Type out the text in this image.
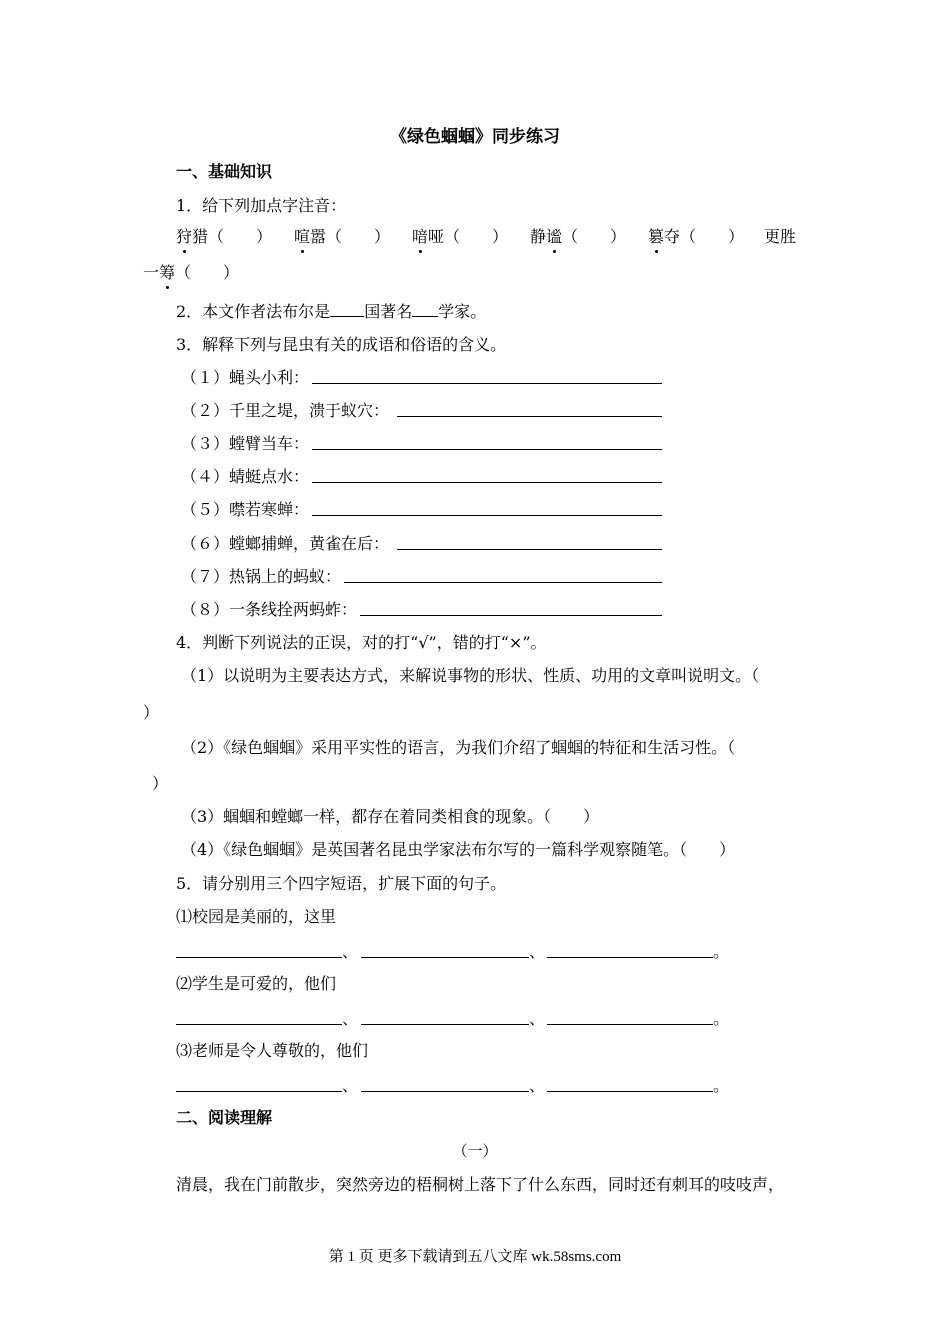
《绿色蝈蝈》同步练习
一、基础知识
1．给下列加点字注音：
狩猎（　　） 喧嚣（　　） 喑哑（　　） 静谧（　　） 篡夺（　　） 更胜
一筹（　　）
2．本文作者法布尔是 国著名 学家。
3．解释下列与昆虫有关的成语和俗语的含义。
（１）蝇头小利：
（２）千里之堤，溃于蚁穴：
（３）螳臂当车：
（４）蜻蜓点水：
（５）噤若寒蝉：
（６）螳螂捕蝉，黄雀在后：
（７）热锅上的蚂蚁：
（８）一条线拴两蚂蚱：
4．判断下列说法的正误，对的打“√”，错的打“×”。
（1）以说明为主要表达方式，来解说事物的形状、性质、功用的文章叫说明文。（
）
（2）《绿色蝈蝈》采用平实性的语言，为我们介绍了蝈蝈的特征和生活习性。（
）
（3）蝈蝈和螳螂一样，都存在着同类相食的现象。（　　）
（4）《绿色蝈蝈》是英国著名昆虫学家法布尔写的一篇科学观察随笔。（　　）
5．请分别用三个四字短语，扩展下面的句子。
⑴校园是美丽的，这里
、	、	。
⑵学生是可爱的，他们
、	、	。
⑶老师是令人尊敬的，他们
、	、	。
二、阅读理解
（一）
清晨，我在门前散步，突然旁边的梧桐树上落下了什么东西，同时还有刺耳的吱吱声，
第 1 页 更多下载请到五八文库 wk.58sms.com
